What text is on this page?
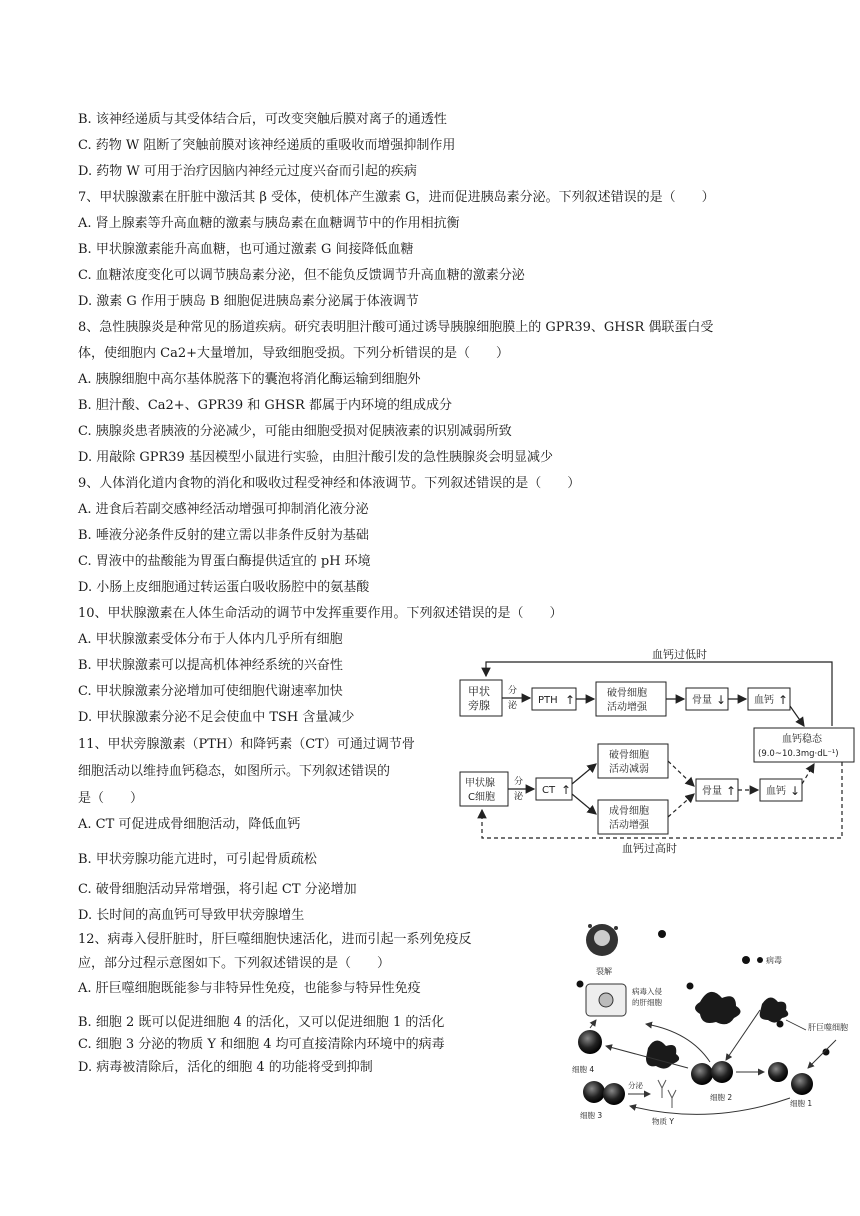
B. 该神经递质与其受体结合后，可改变突触后膜对离子的通透性
C. 药物 W 阻断了突触前膜对该神经递质的重吸收而增强抑制作用
D. 药物 W 可用于治疗因脑内神经元过度兴奋而引起的疾病
7、甲状腺激素在肝脏中激活其 β 受体，使机体产生激素 G，进而促进胰岛素分泌。下列叙述错误的是（　　）
A. 肾上腺素等升高血糖的激素与胰岛素在血糖调节中的作用相抗衡
B. 甲状腺激素能升高血糖，也可通过激素 G 间接降低血糖
C. 血糖浓度变化可以调节胰岛素分泌，但不能负反馈调节升高血糖的激素分泌
D. 激素 G 作用于胰岛 B 细胞促进胰岛素分泌属于体液调节
8、急性胰腺炎是种常见的肠道疾病。研究表明胆汁酸可通过诱导胰腺细胞膜上的 GPR39、GHSR 偶联蛋白受
体，使细胞内 Ca2+大量增加，导致细胞受损。下列分析错误的是（　　）
A. 胰腺细胞中高尔基体脱落下的囊泡将消化酶运输到细胞外
B. 胆汁酸、Ca2+、GPR39 和 GHSR 都属于内环境的组成成分
C. 胰腺炎患者胰液的分泌减少，可能由细胞受损对促胰液素的识别减弱所致
D. 用敲除 GPR39 基因模型小鼠进行实验，由胆汁酸引发的急性胰腺炎会明显减少
9、人体消化道内食物的消化和吸收过程受神经和体液调节。下列叙述错误的是（　　）
A. 进食后若副交感神经活动增强可抑制消化液分泌
B. 唾液分泌条件反射的建立需以非条件反射为基础
C. 胃液中的盐酸能为胃蛋白酶提供适宜的 pH 环境
D. 小肠上皮细胞通过转运蛋白吸收肠腔中的氨基酸
10、甲状腺激素在人体生命活动的调节中发挥重要作用。下列叙述错误的是（　　）
A. 甲状腺激素受体分布于人体内几乎所有细胞
B. 甲状腺激素可以提高机体神经系统的兴奋性
C. 甲状腺激素分泌增加可使细胞代谢速率加快
D. 甲状腺激素分泌不足会使血中 TSH 含量减少
11、甲状旁腺激素（PTH）和降钙素（CT）可通过调节骨
细胞活动以维持血钙稳态，如图所示。下列叙述错误的
是（　　）
A. CT 可促进成骨细胞活动，降低血钙
B. 甲状旁腺功能亢进时，可引起骨质疏松
C. 破骨细胞活动异常增强，将引起 CT 分泌增加
D. 长时间的高血钙可导致甲状旁腺增生
12、病毒入侵肝脏时，肝巨噬细胞快速活化，进而引起一系列免疫反
应，部分过程示意图如下。下列叙述错误的是（　　）
A. 肝巨噬细胞既能参与非特异性免疫，也能参与特异性免疫
B. 细胞 2 既可以促进细胞 4 的活化，又可以促进细胞 1 的活化
C. 细胞 3 分泌的物质 Y 和细胞 4 均可直接清除内环境中的病毒
D. 病毒被清除后，活化的细胞 4 的功能将受到抑制
血钙过低时
甲状
旁腺
分
泌 PTH ↑	破骨细胞
活动增强
骨量 ↓	血钙 ↑
血钙稳态
(9.0~10.3mg·dL⁻¹)
甲状腺
C细胞
分
泌
CT ↑
破骨细胞
活动减弱
成骨细胞
活动增强
骨量 ↑	血钙 ↓
血钙过高时
裂解
病毒
病毒入侵
的肝细胞
肝巨噬细胞
细胞 4
细胞 2
细胞 1
细胞 3
分泌
物质 Y
